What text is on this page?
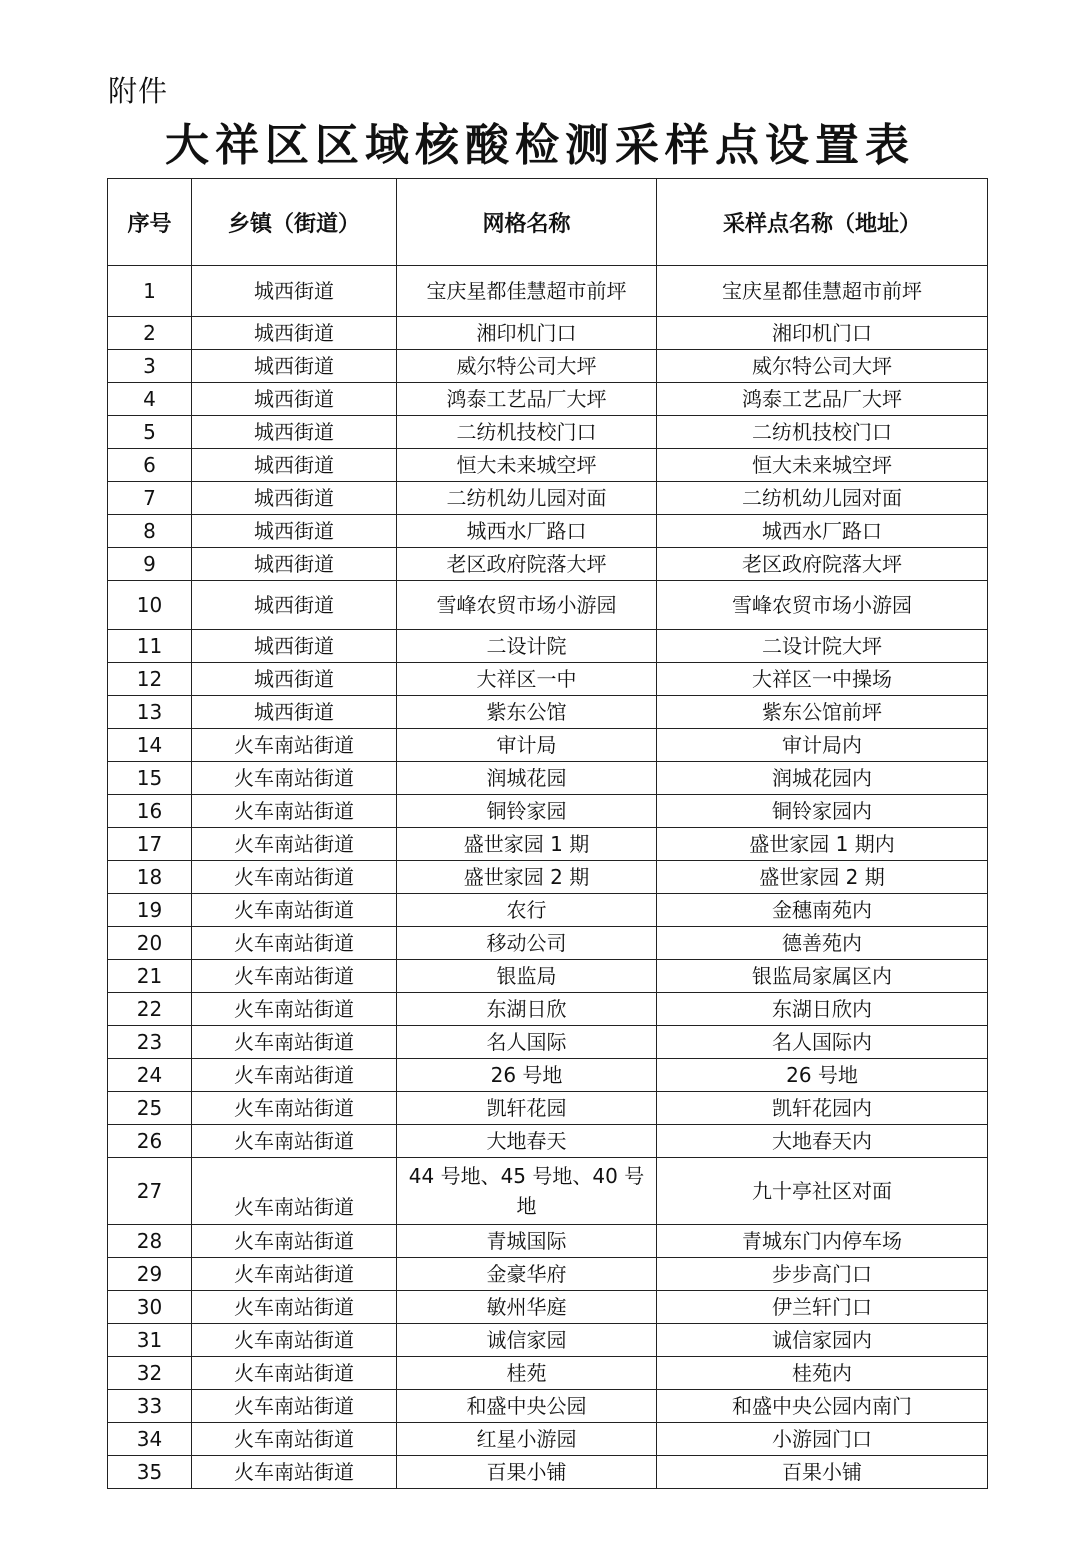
附件
大祥区区域核酸检测采样点设置表
序号	乡镇（街道）	网格名称	采样点名称（地址）
1	城西街道	宝庆星都佳慧超市前坪	宝庆星都佳慧超市前坪
2	城西街道	湘印机门口	湘印机门口
3	城西街道	威尔特公司大坪	威尔特公司大坪
4	城西街道	鸿泰工艺品厂大坪	鸿泰工艺品厂大坪
5	城西街道	二纺机技校门口	二纺机技校门口
6	城西街道	恒大未来城空坪	恒大未来城空坪
7	城西街道	二纺机幼儿园对面	二纺机幼儿园对面
8	城西街道	城西水厂路口	城西水厂路口
9	城西街道	老区政府院落大坪	老区政府院落大坪
10	城西街道	雪峰农贸市场小游园	雪峰农贸市场小游园
11	城西街道	二设计院	二设计院大坪
12	城西街道	大祥区一中	大祥区一中操场
13	城西街道	紫东公馆	紫东公馆前坪
14	火车南站街道	审计局	审计局内
15	火车南站街道	润城花园	润城花园内
16	火车南站街道	铜铃家园	铜铃家园内
17	火车南站街道	盛世家园 1 期	盛世家园 1 期内
18	火车南站街道	盛世家园 2 期	盛世家园 2 期
19	火车南站街道	农行	金穗南苑内
20	火车南站街道	移动公司	德善苑内
21	火车南站街道	银监局	银监局家属区内
22	火车南站街道	东湖日欣	东湖日欣内
23	火车南站街道	名人国际	名人国际内
24	火车南站街道	26 号地	26 号地
25	火车南站街道	凯轩花园	凯轩花园内
26	火车南站街道	大地春天	大地春天内
27	火车南站街道	44 号地、45 号地、40 号地	九十亭社区对面
28	火车南站街道	青城国际	青城东门内停车场
29	火车南站街道	金豪华府	步步高门口
30	火车南站街道	敏州华庭	伊兰轩门口
31	火车南站街道	诚信家园	诚信家园内
32	火车南站街道	桂苑	桂苑内
33	火车南站街道	和盛中央公园	和盛中央公园内南门
34	火车南站街道	红星小游园	小游园门口
35	火车南站街道	百果小铺	百果小铺
